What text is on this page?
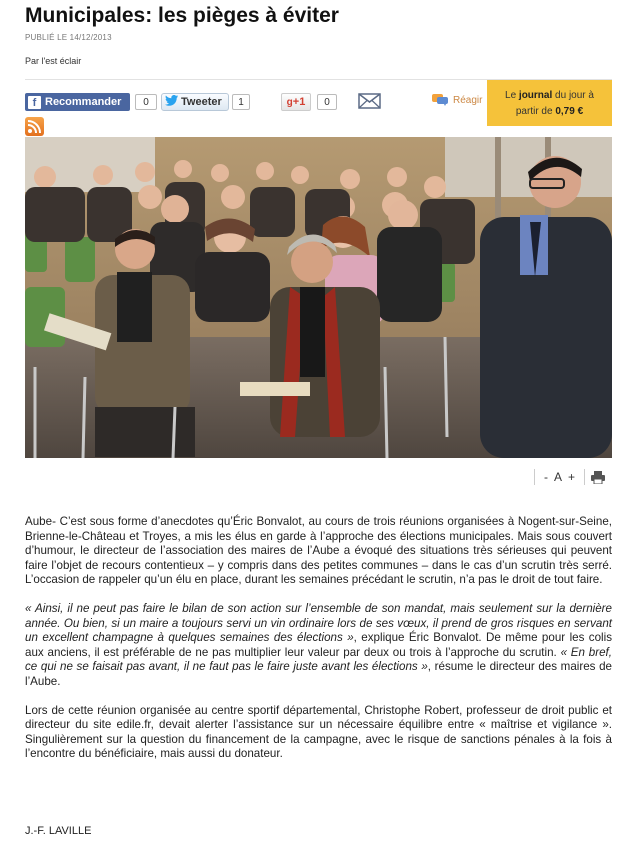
Municipales: les pièges à éviter
PUBLIÉ LE 14/12/2013
Par l'est éclair
f Recommander	0	Tweeter	1	g+1	0	Réagir	Le journal du jour à
partir de 0,79 €
- A +

Aube- C’est sous forme d’anecdotes qu’Éric Bonvalot, au cours de trois réunions organisées à Nogent-sur-Seine, Brienne-le-Château et Troyes, a mis les élus en garde à l’approche des élections municipales. Mais sous couvert d’humour, le directeur de l’association des maires de l’Aube a évoqué des situations très sérieuses qui peuvent faire l’objet de recours contentieux – y compris dans des petites communes – dans le cas d’un scrutin très serré. L’occasion de rappeler qu’un élu en place, durant les semaines précédant le scrutin, n’a pas le droit de tout faire.

« Ainsi, il ne peut pas faire le bilan de son action sur l’ensemble de son mandat, mais seulement sur la dernière année. Ou bien, si un maire a toujours servi un vin ordinaire lors de ses vœux, il prend de gros risques en servant un excellent champagne à quelques semaines des élections », explique Éric Bonvalot. De même pour les colis aux anciens, il est préférable de ne pas multiplier leur valeur par deux ou trois à l’approche du scrutin. « En bref, ce qui ne se faisait pas avant, il ne faut pas le faire juste avant les élections », résume le directeur des maires de l’Aube.

Lors de cette réunion organisée au centre sportif départemental, Christophe Robert, professeur de droit public et directeur du site edile.fr, devait alerter l’assistance sur un nécessaire équilibre entre « maîtrise et vigilance ». Singulièrement sur la question du financement de la campagne, avec le risque de sanctions pénales à la fois à l’encontre du bénéficiaire, mais aussi du donateur.

J.-F. LAVILLE
